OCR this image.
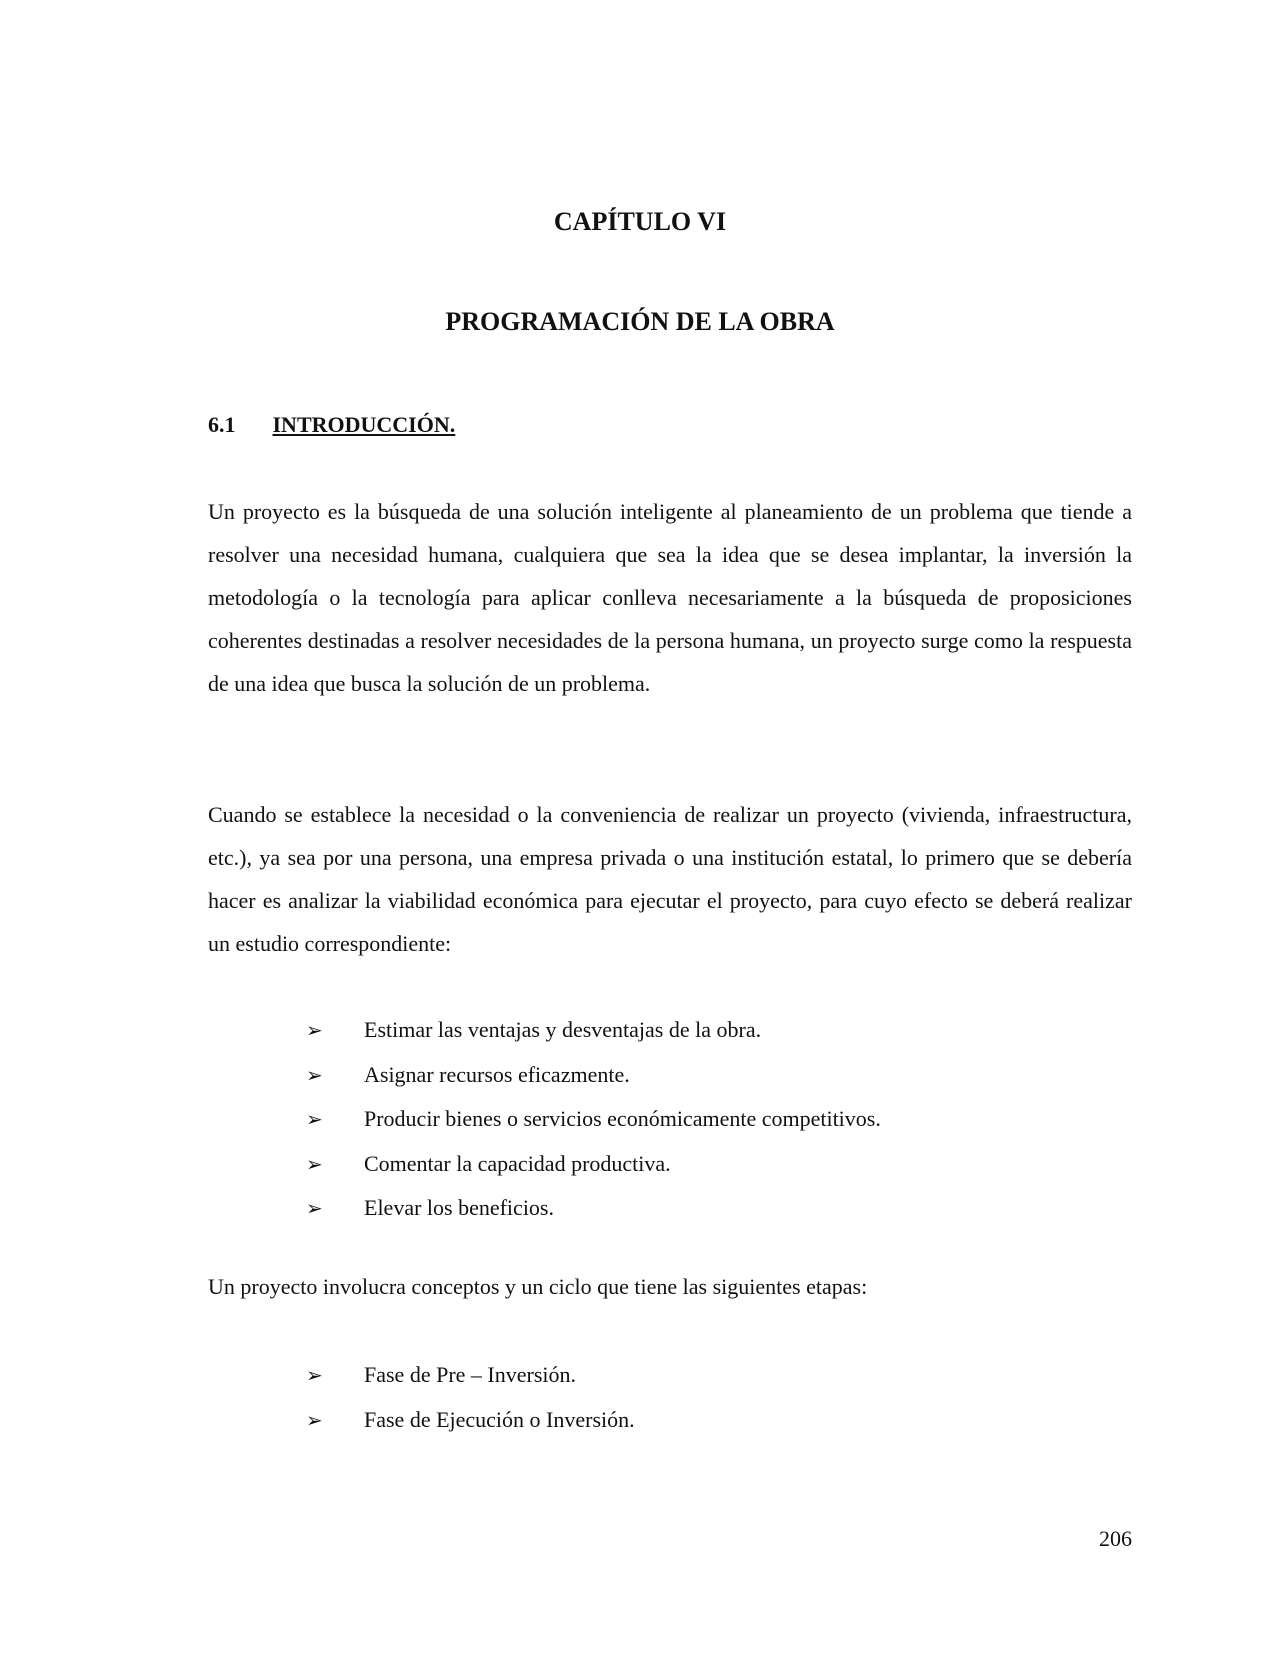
CAPÍTULO VI
PROGRAMACIÓN DE LA OBRA
6.1 INTRODUCCIÓN.

Un proyecto es la búsqueda de una solución inteligente al planeamiento de un problema que tiende a resolver una necesidad humana, cualquiera que sea la idea que se desea implantar, la inversión la metodología o la tecnología para aplicar conlleva necesariamente a la búsqueda de proposiciones coherentes destinadas a resolver necesidades de la persona humana, un proyecto surge como la respuesta de una idea que busca la solución de un problema.

Cuando se establece la necesidad o la conveniencia de realizar un proyecto (vivienda, infraestructura, etc.), ya sea por una persona, una empresa privada o una institución estatal, lo primero que se debería hacer es analizar la viabilidad económica para ejecutar el proyecto, para cuyo efecto se deberá realizar un estudio correspondiente:

➢	Estimar las ventajas y desventajas de la obra.
➢	Asignar recursos eficazmente.
➢	Producir bienes o servicios económicamente competitivos.
➢	Comentar la capacidad productiva.
➢	Elevar los beneficios.

Un proyecto involucra conceptos y un ciclo que tiene las siguientes etapas:

➢	Fase de Pre – Inversión.
➢	Fase de Ejecución o Inversión.

206
